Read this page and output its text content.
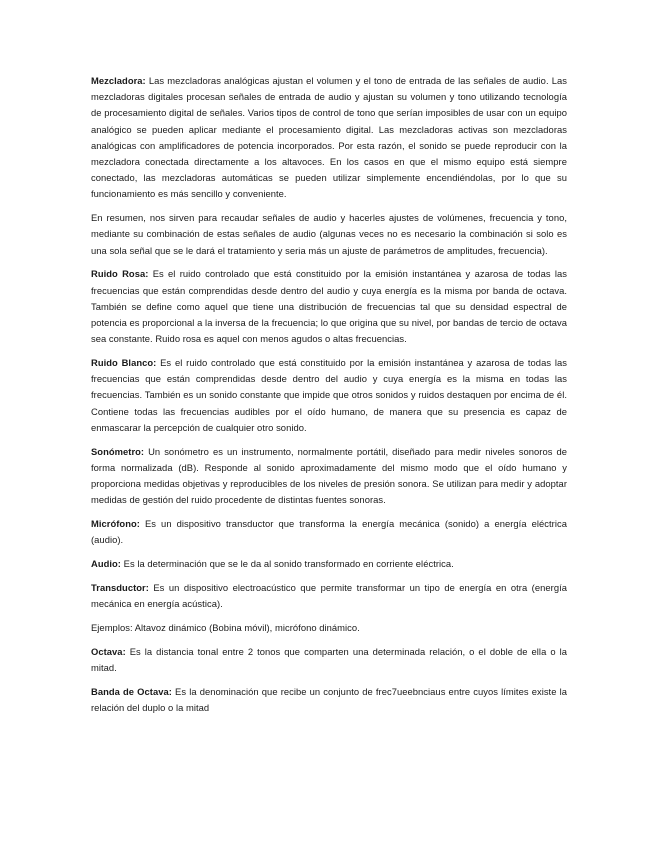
Mezcladora: Las mezcladoras analógicas ajustan el volumen y el tono de entrada de las señales de audio. Las mezcladoras digitales procesan señales de entrada de audio y ajustan su volumen y tono utilizando tecnología de procesamiento digital de señales. Varios tipos de control de tono que serían imposibles de usar con un equipo analógico se pueden aplicar mediante el procesamiento digital. Las mezcladoras activas son mezcladoras analógicas con amplificadores de potencia incorporados. Por esta razón, el sonido se puede reproducir con la mezcladora conectada directamente a los altavoces. En los casos en que el mismo equipo está siempre conectado, las mezcladoras automáticas se pueden utilizar simplemente encendiéndolas, por lo que su funcionamiento es más sencillo y conveniente.

En resumen, nos sirven para recaudar señales de audio y hacerles ajustes de volúmenes, frecuencia y tono, mediante su combinación de estas señales de audio (algunas veces no es necesario la combinación si solo es una sola señal que se le dará el tratamiento y seria más un ajuste de parámetros de amplitudes, frecuencia).

Ruido Rosa: Es el ruido controlado que está constituido por la emisión instantánea y azarosa de todas las frecuencias que están comprendidas desde dentro del audio y cuya energía es la misma por banda de octava. También se define como aquel que tiene una distribución de frecuencias tal que su densidad espectral de potencia es proporcional a la inversa de la frecuencia; lo que origina que su nivel, por bandas de tercio de octava sea constante. Ruido rosa es aquel con menos agudos o altas frecuencias.

Ruido Blanco: Es el ruido controlado que está constituido por la emisión instantánea y azarosa de todas las frecuencias que están comprendidas desde dentro del audio y cuya energía es la misma en todas las frecuencias. También es un sonido constante que impide que otros sonidos y ruidos destaquen por encima de él. Contiene todas las frecuencias audibles por el oído humano, de manera que su presencia es capaz de enmascarar la percepción de cualquier otro sonido.

Sonómetro: Un sonómetro es un instrumento, normalmente portátil, diseñado para medir niveles sonoros de forma normalizada (dB). Responde al sonido aproximadamente del mismo modo que el oído humano y proporciona medidas objetivas y reproducibles de los niveles de presión sonora. Se utilizan para medir y adoptar medidas de gestión del ruido procedente de distintas fuentes sonoras.

Micrófono: Es un dispositivo transductor que transforma la energía mecánica (sonido) a energía eléctrica (audio).

Audio: Es la determinación que se le da al sonido transformado en corriente eléctrica.

Transductor: Es un dispositivo electroacústico que permite transformar un tipo de energía en otra (energía mecánica en energía acústica).

Ejemplos: Altavoz dinámico (Bobina móvil), micrófono dinámico.

Octava: Es la distancia tonal entre 2 tonos que comparten una determinada relación, o el doble de ella o la mitad.

Banda de Octava: Es la denominación que recibe un conjunto de frec7ueebnciaus entre cuyos límites existe la relación del duplo o la mitad
